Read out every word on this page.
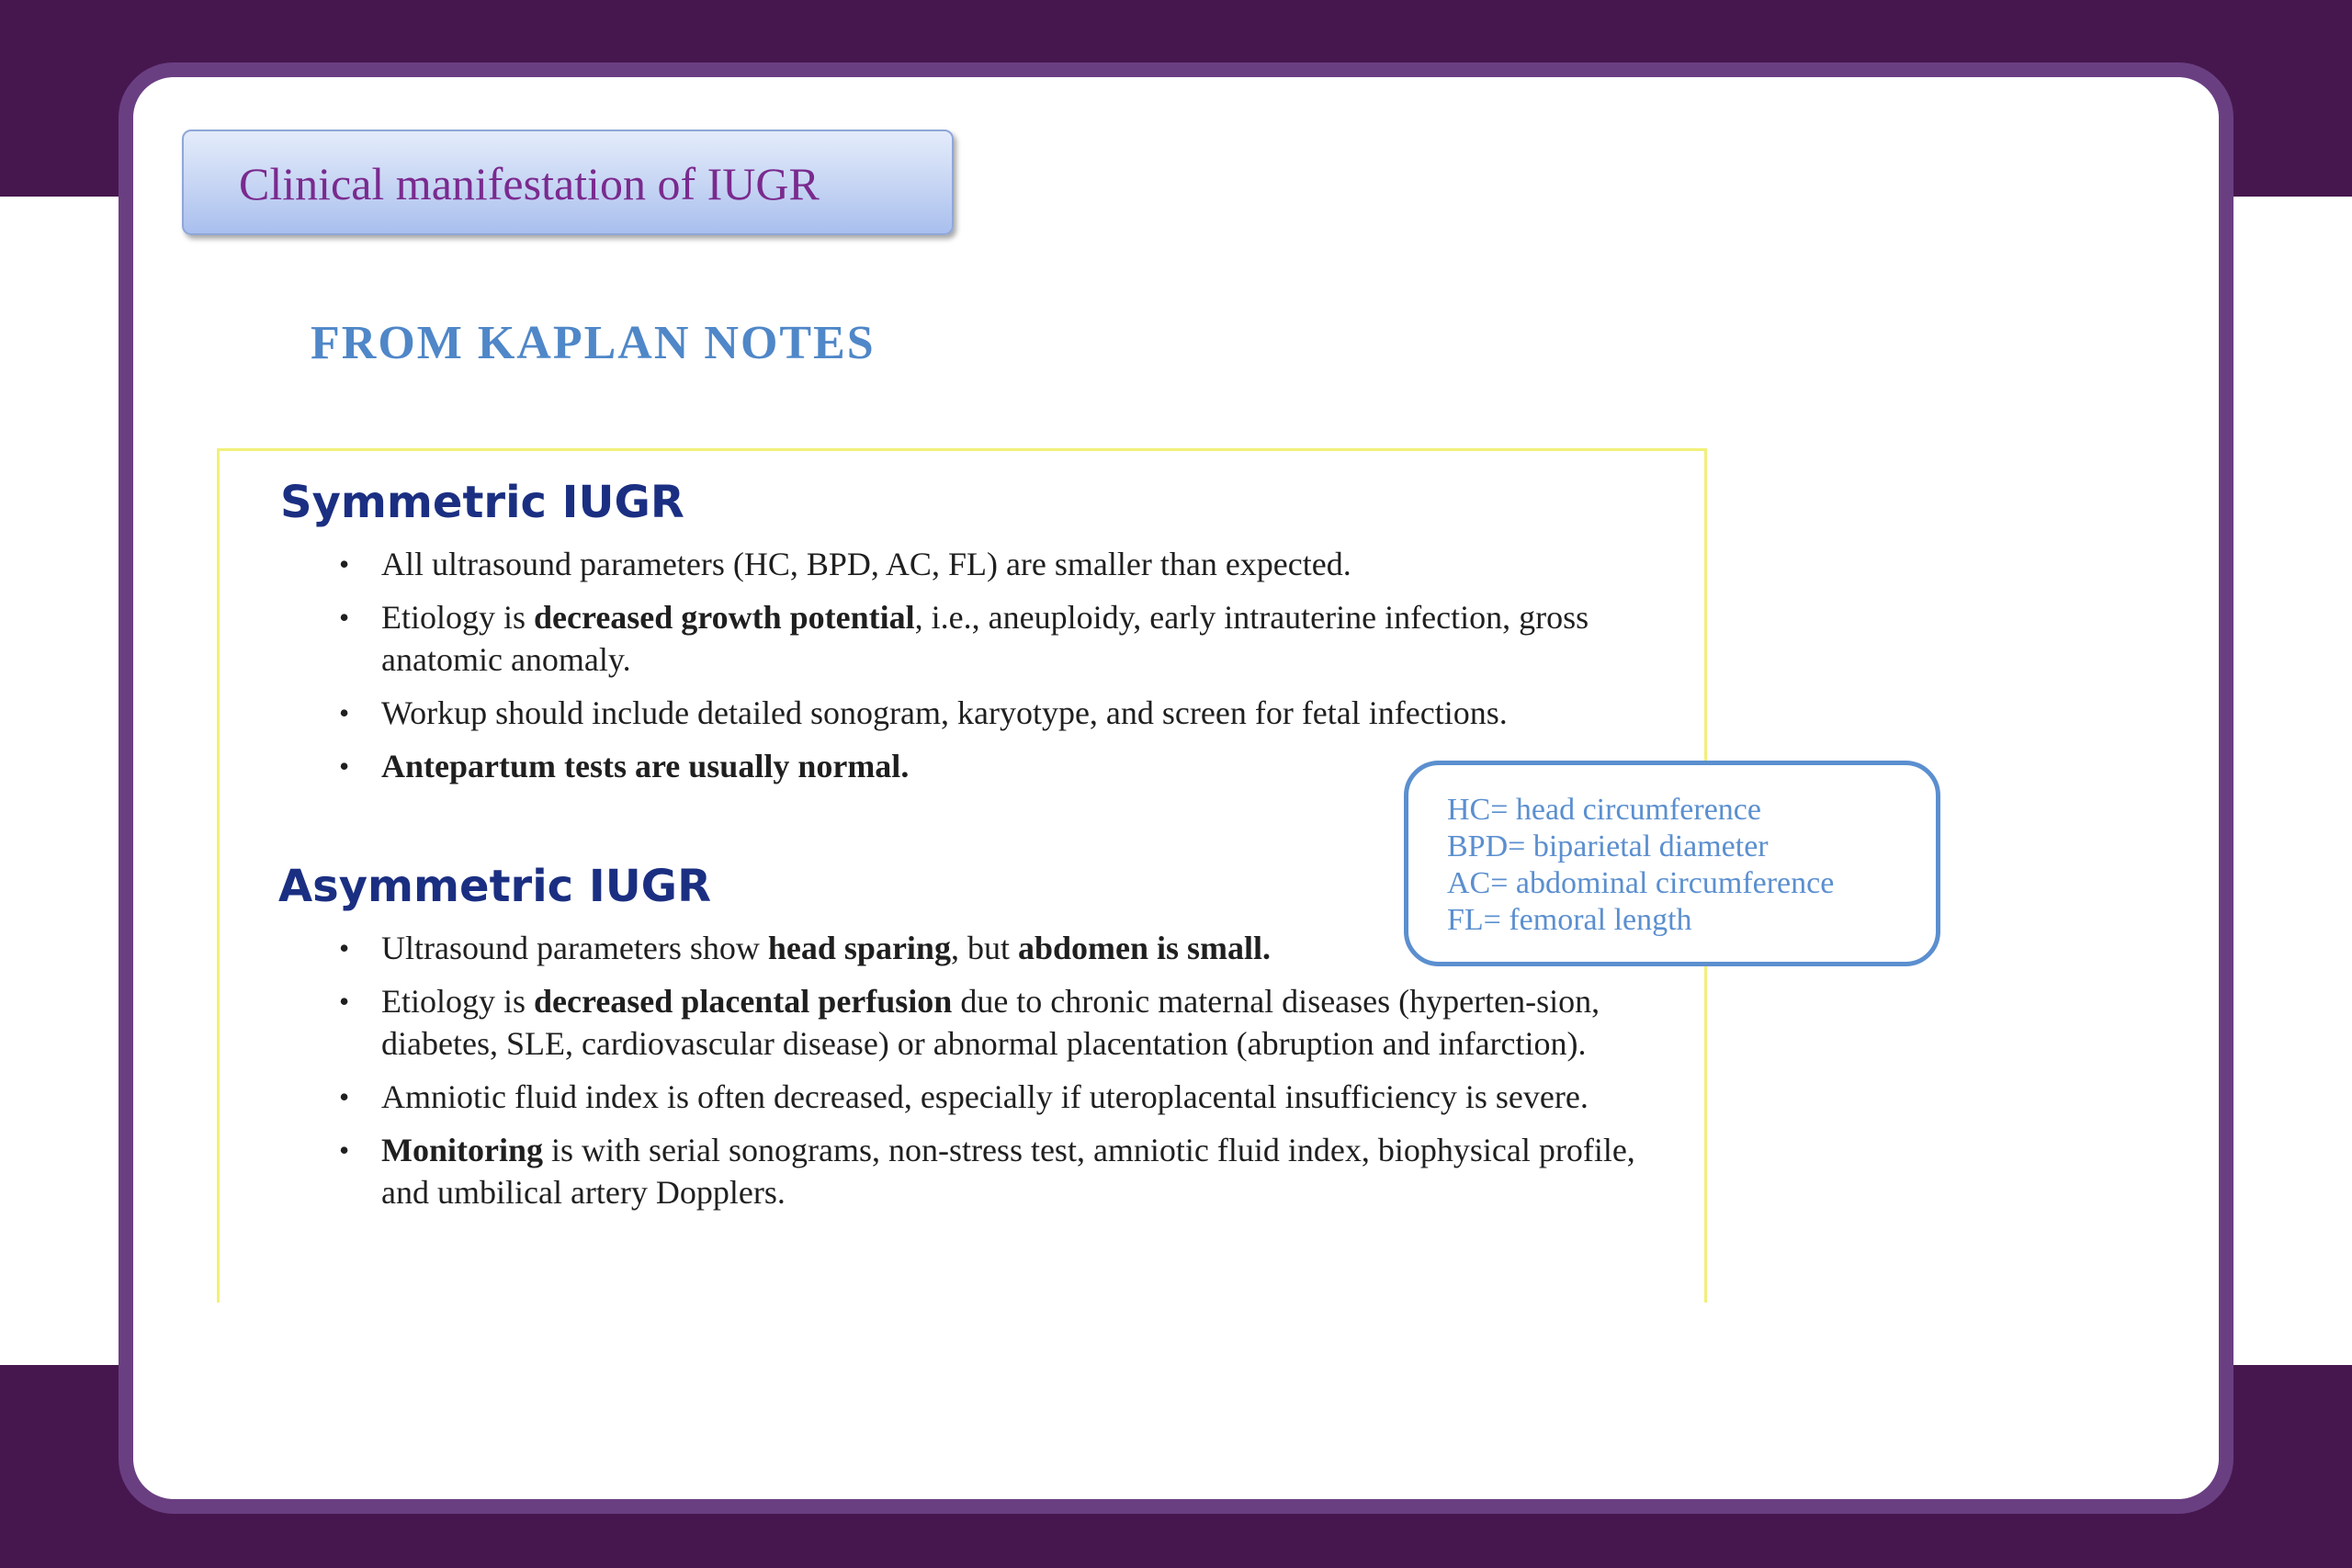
Clinical manifestation of IUGR
FROM KAPLAN NOTES
Symmetric IUGR
• All ultrasound parameters (HC, BPD, AC, FL) are smaller than expected.
• Etiology is decreased growth potential, i.e., aneuploidy, early intrauterine infection, gross anatomic anomaly.
• Workup should include detailed sonogram, karyotype, and screen for fetal infections.
• Antepartum tests are usually normal.
Asymmetric IUGR
• Ultrasound parameters show head sparing, but abdomen is small.
• Etiology is decreased placental perfusion due to chronic maternal diseases (hyperten-sion, diabetes, SLE, cardiovascular disease) or abnormal placentation (abruption and infarction).
• Amniotic fluid index is often decreased, especially if uteroplacental insufficiency is severe.
• Monitoring is with serial sonograms, non-stress test, amniotic fluid index, biophysical profile, and umbilical artery Dopplers.
HC= head circumference
BPD= biparietal diameter
AC= abdominal circumference
FL= femoral length
